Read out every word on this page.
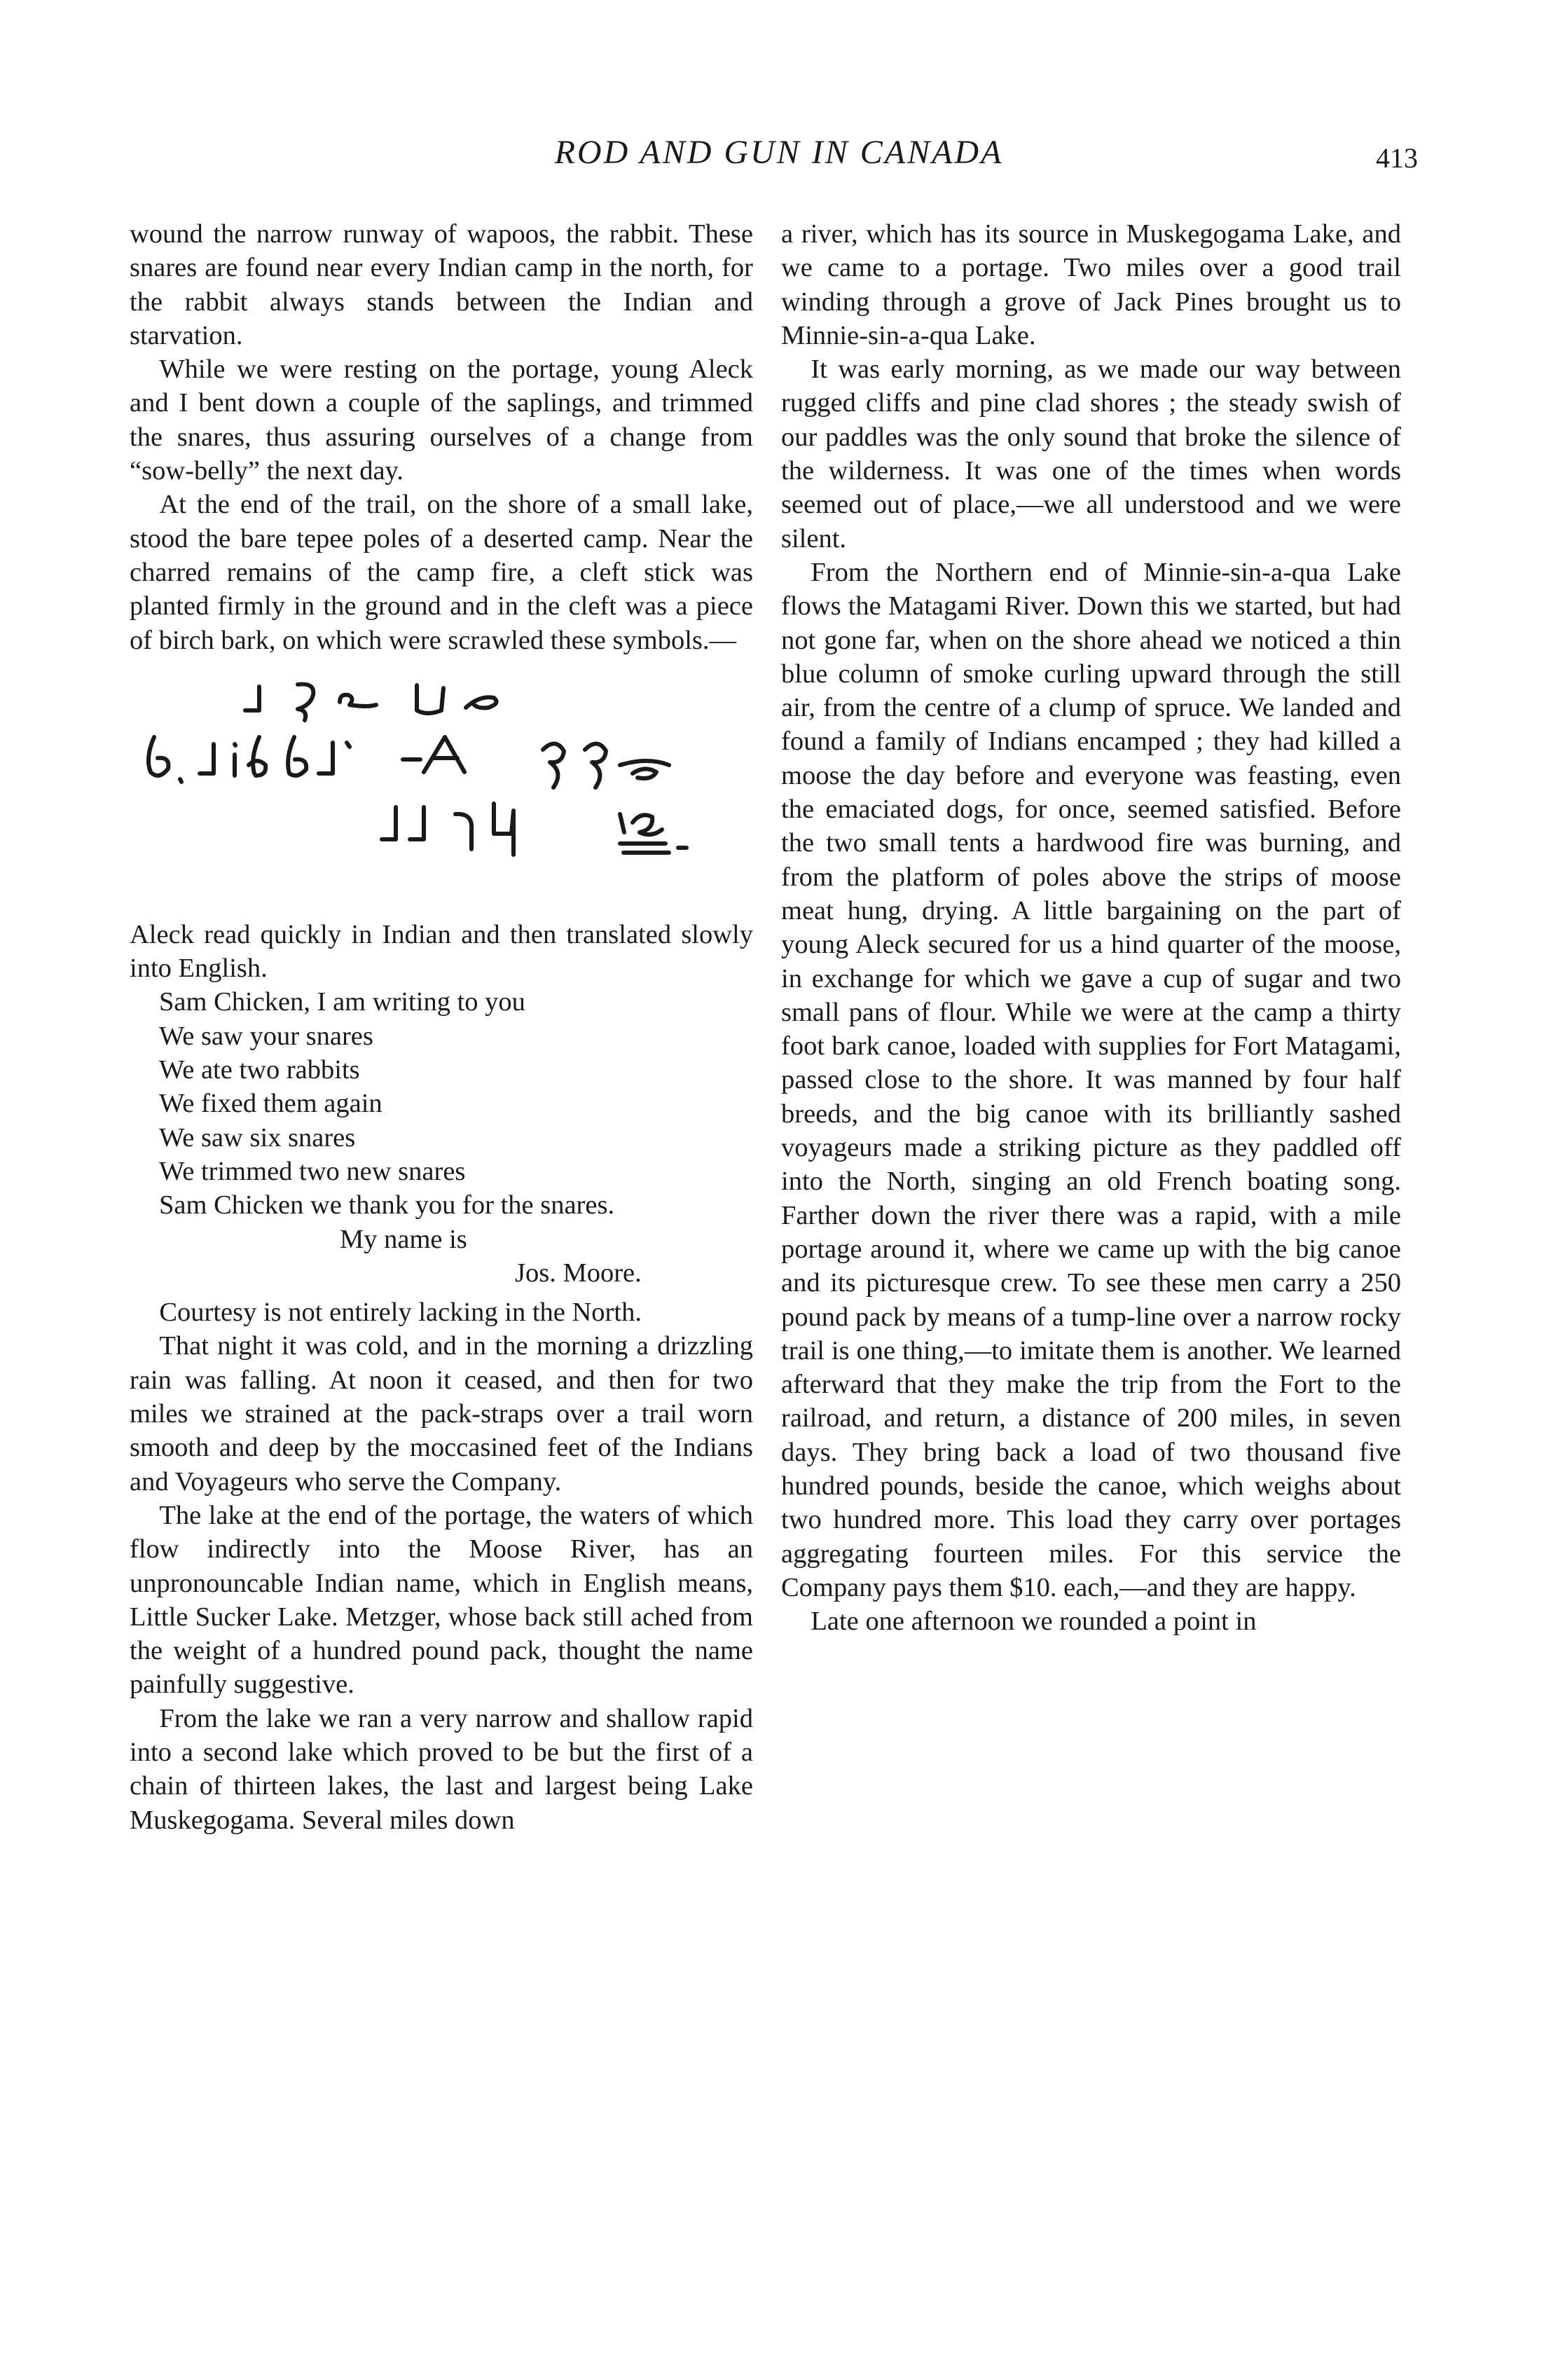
ROD AND GUN IN CANADA	413

wound the narrow runway of wapoos, the rabbit. These snares are found near every Indian camp in the north, for the rabbit always stands between the Indian and starvation.

While we were resting on the portage, young Aleck and I bent down a couple of the saplings, and trimmed the snares, thus assuring ourselves of a change from “sow-belly” the next day.

At the end of the trail, on the shore of a small lake, stood the bare tepee poles of a deserted camp. Near the charred remains of the camp fire, a cleft stick was planted firmly in the ground and in the cleft was a piece of birch bark, on which were scrawled these symbols.—

Aleck read quickly in Indian and then translated slowly into English.

Sam Chicken, I am writing to you
We saw your snares
We ate two rabbits
We fixed them again
We saw six snares
We trimmed two new snares
Sam Chicken we thank you for the snares.
My name is
Jos. Moore.

Courtesy is not entirely lacking in the North.

That night it was cold, and in the morning a drizzling rain was falling. At noon it ceased, and then for two miles we strained at the pack-straps over a trail worn smooth and deep by the moccasined feet of the Indians and Voyageurs who serve the Company.

The lake at the end of the portage, the waters of which flow indirectly into the Moose River, has an unpronouncable Indian name, which in English means, Little Sucker Lake. Metzger, whose back still ached from the weight of a hundred pound pack, thought the name painfully suggestive.

From the lake we ran a very narrow and shallow rapid into a second lake which proved to be but the first of a chain of thirteen lakes, the last and largest being Lake Muskegogama. Several miles down

a river, which has its source in Muskegogama Lake, and we came to a portage. Two miles over a good trail winding through a grove of Jack Pines brought us to Minnie-sin-a-qua Lake.

It was early morning, as we made our way between rugged cliffs and pine clad shores ; the steady swish of our paddles was the only sound that broke the silence of the wilderness. It was one of the times when words seemed out of place,—we all understood and we were silent.

From the Northern end of Minnie-sin-a-qua Lake flows the Matagami River. Down this we started, but had not gone far, when on the shore ahead we noticed a thin blue column of smoke curling upward through the still air, from the centre of a clump of spruce. We landed and found a family of Indians encamped ; they had killed a moose the day before and everyone was feasting, even the emaciated dogs, for once, seemed satisfied. Before the two small tents a hardwood fire was burning, and from the platform of poles above the strips of moose meat hung, drying. A little bargaining on the part of young Aleck secured for us a hind quarter of the moose, in exchange for which we gave a cup of sugar and two small pans of flour. While we were at the camp a thirty foot bark canoe, loaded with supplies for Fort Matagami, passed close to the shore. It was manned by four half breeds, and the big canoe with its brilliantly sashed voyageurs made a striking picture as they paddled off into the North, singing an old French boating song. Farther down the river there was a rapid, with a mile portage around it, where we came up with the big canoe and its picturesque crew. To see these men carry a 250 pound pack by means of a tump-line over a narrow rocky trail is one thing,—to imitate them is another. We learned afterward that they make the trip from the Fort to the railroad, and return, a distance of 200 miles, in seven days. They bring back a load of two thousand five hundred pounds, beside the canoe, which weighs about two hundred more. This load they carry over portages aggregating fourteen miles. For this service the Company pays them $10. each,—and they are happy.

Late one afternoon we rounded a point in
